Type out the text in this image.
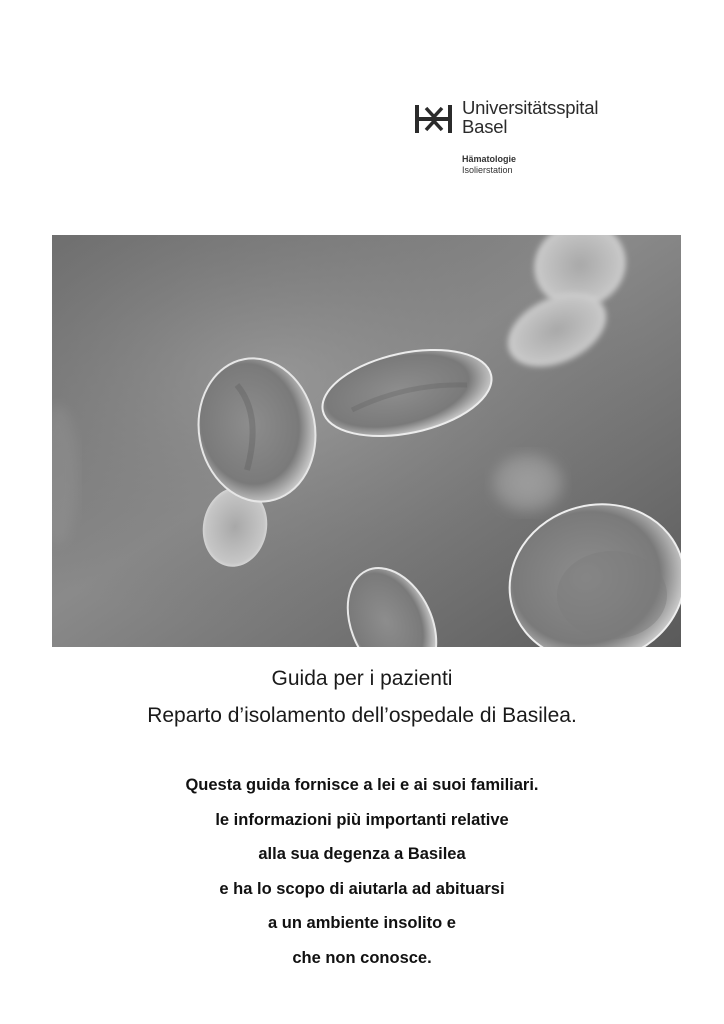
Universitätsspital
Basel
Hämatologie
Isolierstation
Guida per i pazienti
Reparto d’isolamento dell’ospedale di Basilea.
Questa guida fornisce a lei e ai suoi familiari.
le informazioni più importanti relative
alla sua degenza a Basilea
e ha lo scopo di aiutarla ad abituarsi
a un ambiente insolito e
che non conosce.
